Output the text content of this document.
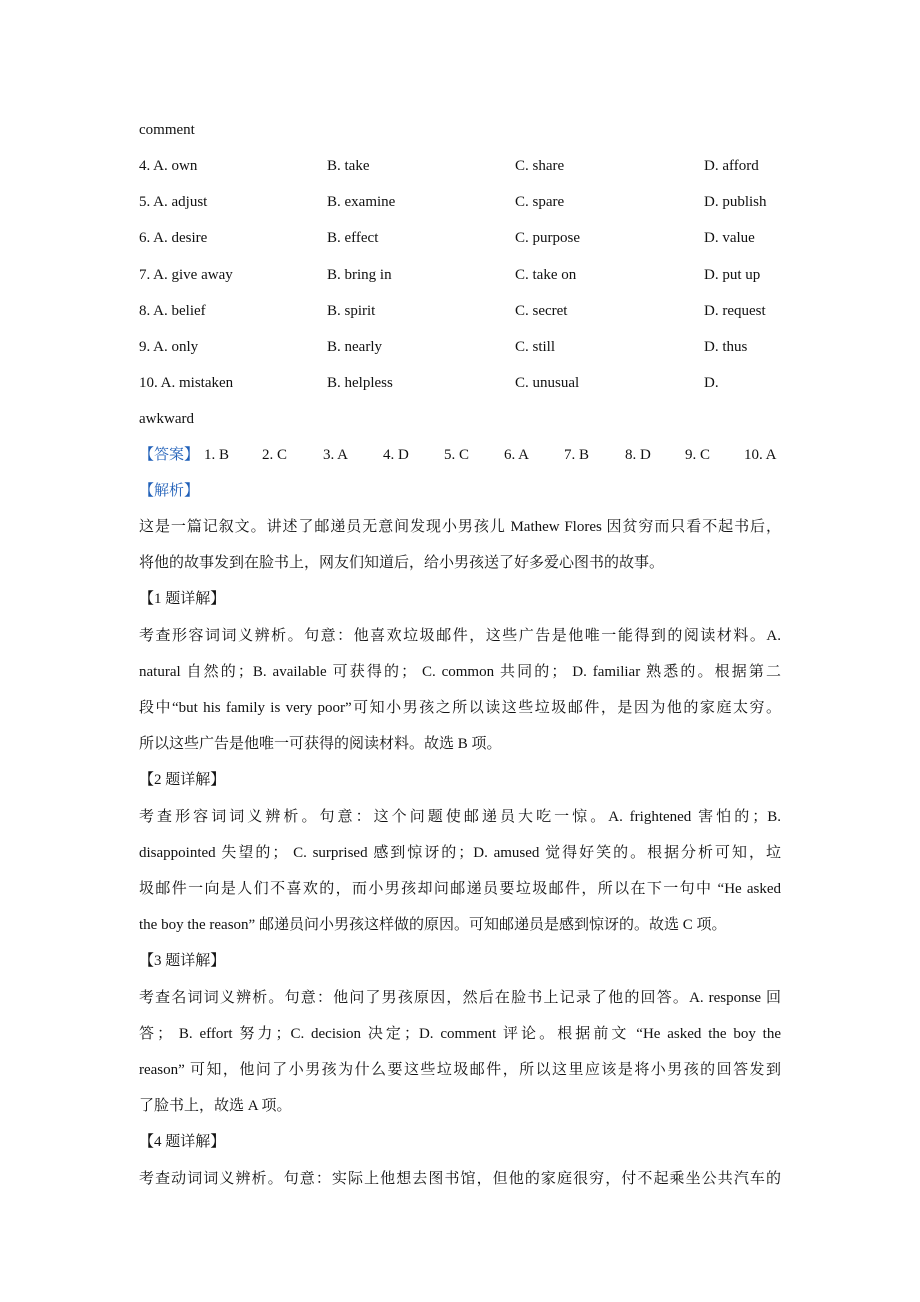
comment
4. A. own	B. take	C. share	D. afford
5. A. adjust	B. examine	C. spare	D. publish
6. A. desire	B. effect	C. purpose	D. value
7. A. give away	B. bring in	C. take on	D. put up
8. A. belief	B. spirit	C. secret	D. request
9. A. only	B. nearly	C. still	D. thus
10. A. mistaken	B. helpless	C. unusual	D.
awkward
【答案】 1. B 2. C 3. A 4. D 5. C 6. A 7. B 8. D 9. C 10. A
【解析】
这是一篇记叙文。讲述了邮递员无意间发现小男孩儿 Mathew Flores 因贫穷而只看不起书后，
将他的故事发到在脸书上，网友们知道后，给小男孩送了好多爱心图书的故事。
【1 题详解】
考查形容词词义辨析。句意：他喜欢垃圾邮件，这些广告是他唯一能得到的阅读材料。A.
natural 自然的；B. available 可获得的； C. common 共同的； D. familiar 熟悉的。根据第二
段中“but his family is very poor”可知小男孩之所以读这些垃圾邮件，是因为他的家庭太穷。
所以这些广告是他唯一可获得的阅读材料。故选 B 项。
【2 题详解】
考查形容词词义辨析。句意：这个问题使邮递员大吃一惊。A. frightened 害怕的；B.
disappointed 失望的； C. surprised 感到惊讶的；D. amused 觉得好笑的。根据分析可知，垃
圾邮件一向是人们不喜欢的，而小男孩却问邮递员要垃圾邮件，所以在下一句中 “He asked
the boy the reason” 邮递员问小男孩这样做的原因。可知邮递员是感到惊讶的。故选 C 项。
【3 题详解】
考查名词词义辨析。句意：他问了男孩原因，然后在脸书上记录了他的回答。A. response 回
答； B. effort 努力；C. decision 决定；D. comment 评论。根据前文 “He asked the boy the
reason” 可知，他问了小男孩为什么要这些垃圾邮件，所以这里应该是将小男孩的回答发到
了脸书上，故选 A 项。
【4 题详解】
考查动词词义辨析。句意：实际上他想去图书馆，但他的家庭很穷，付不起乘坐公共汽车的
